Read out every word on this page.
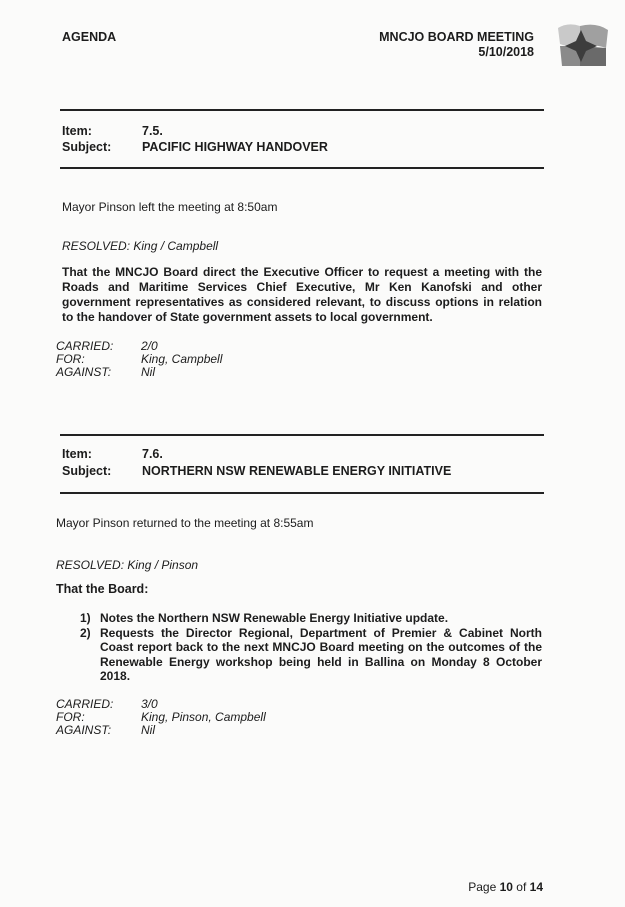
AGENDA	MNCJO BOARD MEETING
5/10/2018
Item:	7.5.
Subject: PACIFIC HIGHWAY HANDOVER
Mayor Pinson left the meeting at 8:50am
RESOLVED: King / Campbell
That the MNCJO Board direct the Executive Officer to request a meeting with the Roads and Maritime Services Chief Executive, Mr Ken Kanofski and other government representatives as considered relevant, to discuss options in relation to the handover of State government assets to local government.
CARRIED: 2/0
FOR:	King, Campbell
AGAINST: Nil
Item:	7.6.
Subject: NORTHERN NSW RENEWABLE ENERGY INITIATIVE
Mayor Pinson returned to the meeting at 8:55am
RESOLVED: King / Pinson
That the Board:
1) Notes the Northern NSW Renewable Energy Initiative update.
2) Requests the Director Regional, Department of Premier & Cabinet North Coast report back to the next MNCJO Board meeting on the outcomes of the Renewable Energy workshop being held in Ballina on Monday 8 October 2018.
CARRIED: 3/0
FOR:	King, Pinson, Campbell
AGAINST: Nil
Page 10 of 14
